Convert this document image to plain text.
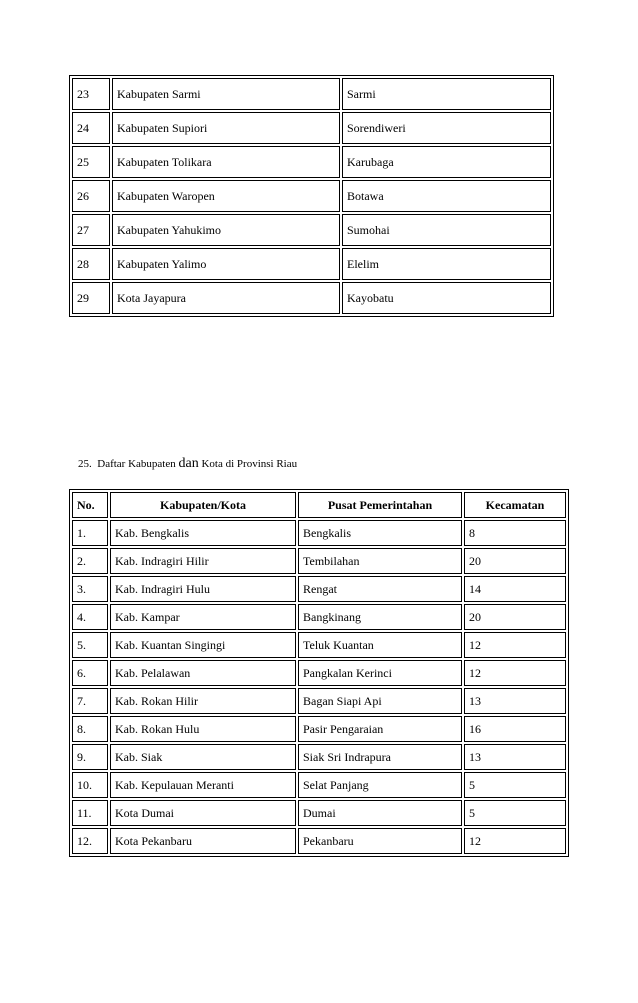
23	Kabupaten Sarmi	Sarmi
24	Kabupaten Supiori	Sorendiweri
25	Kabupaten Tolikara	Karubaga
26	Kabupaten Waropen	Botawa
27	Kabupaten Yahukimo	Sumohai
28	Kabupaten Yalimo	Elelim
29	Kota Jayapura	Kayobatu
25. Daftar Kabupaten dan Kota di Provinsi Riau
No.	Kabupaten/Kota	Pusat Pemerintahan	Kecamatan
1.	Kab. Bengkalis	Bengkalis	8
2.	Kab. Indragiri Hilir	Tembilahan	20
3.	Kab. Indragiri Hulu	Rengat	14
4.	Kab. Kampar	Bangkinang	20
5.	Kab. Kuantan Singingi	Teluk Kuantan	12
6.	Kab. Pelalawan	Pangkalan Kerinci	12
7.	Kab. Rokan Hilir	Bagan Siapi Api	13
8.	Kab. Rokan Hulu	Pasir Pengaraian	16
9.	Kab. Siak	Siak Sri Indrapura	13
10.	Kab. Kepulauan Meranti	Selat Panjang	5
11.	Kota Dumai	Dumai	5
12.	Kota Pekanbaru	Pekanbaru	12
